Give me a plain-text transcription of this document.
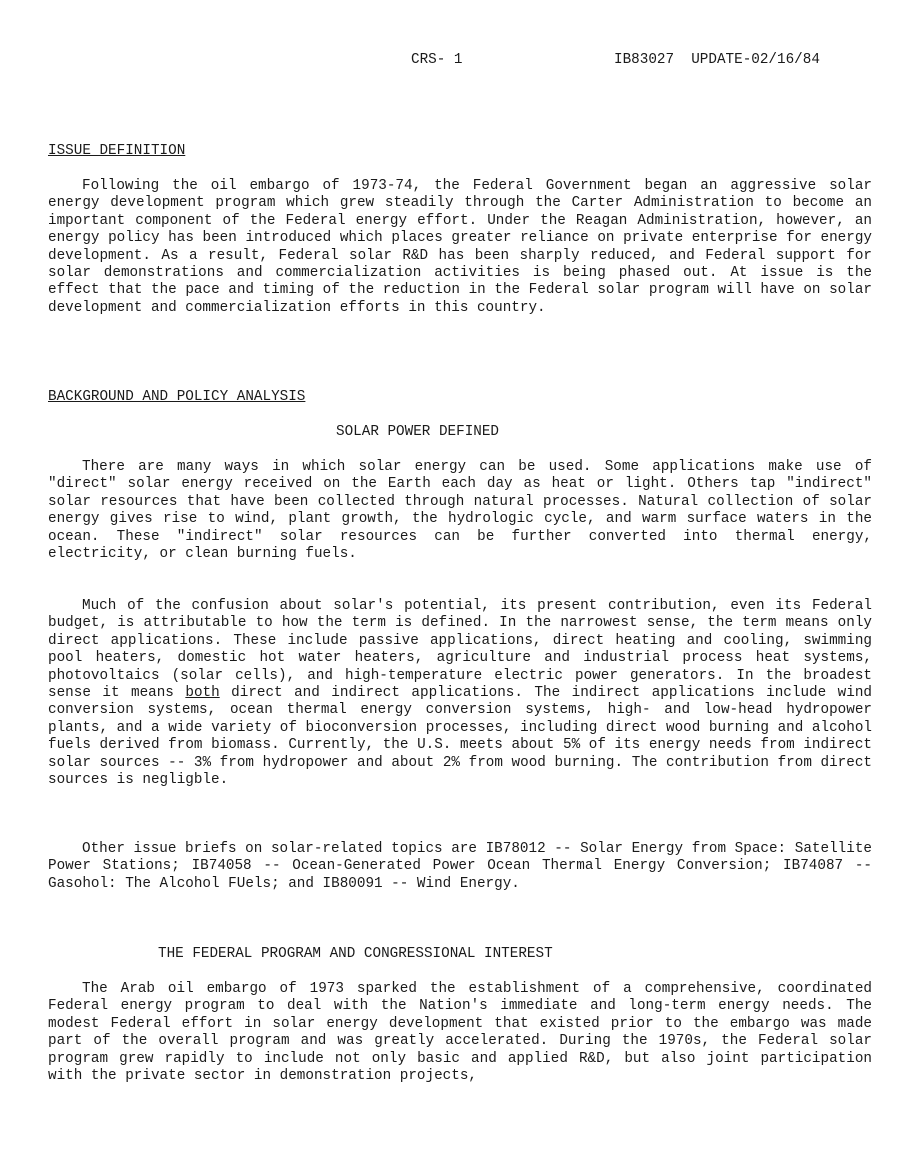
CRS- 1	IB83027  UPDATE-02/16/84
ISSUE DEFINITION

Following the oil embargo of 1973-74, the Federal Government began an aggressive solar energy development program which grew steadily through the Carter Administration to become an important component of the Federal energy effort. Under the Reagan Administration, however, an energy policy has been introduced which places greater reliance on private enterprise for energy development. As a result, Federal solar R&D has been sharply reduced, and Federal support for solar demonstrations and commercialization activities is being phased out. At issue is the effect that the pace and timing of the reduction in the Federal solar program will have on solar development and commercialization efforts in this country.

BACKGROUND AND POLICY ANALYSIS
SOLAR POWER DEFINED

There are many ways in which solar energy can be used. Some applications make use of "direct" solar energy received on the Earth each day as heat or light. Others tap "indirect" solar resources that have been collected through natural processes. Natural collection of solar energy gives rise to wind, plant growth, the hydrologic cycle, and warm surface waters in the ocean. These "indirect" solar resources can be further converted into thermal energy, electricity, or clean burning fuels.

Much of the confusion about solar's potential, its present contribution, even its Federal budget, is attributable to how the term is defined. In the narrowest sense, the term means only direct applications. These include passive applications, direct heating and cooling, swimming pool heaters, domestic hot water heaters, agriculture and industrial process heat systems, photovoltaics (solar cells), and high-temperature electric power generators. In the broadest sense it means both direct and indirect applications. The indirect applications include wind conversion systems, ocean thermal energy conversion systems, high- and low-head hydropower plants, and a wide variety of bioconversion processes, including direct wood burning and alcohol fuels derived from biomass. Currently, the U.S. meets about 5% of its energy needs from indirect solar sources -- 3% from hydropower and about 2% from wood burning. The contribution from direct sources is negligble.

Other issue briefs on solar-related topics are IB78012 -- Solar Energy from Space: Satellite Power Stations; IB74058 -- Ocean-Generated Power Ocean Thermal Energy Conversion; IB74087 -- Gasohol: The Alcohol FUels; and IB80091 -- Wind Energy.

THE FEDERAL PROGRAM AND CONGRESSIONAL INTEREST

The Arab oil embargo of 1973 sparked the establishment of a comprehensive, coordinated Federal energy program to deal with the Nation's immediate and long-term energy needs. The modest Federal effort in solar energy development that existed prior to the embargo was made part of the overall program and was greatly accelerated. During the 1970s, the Federal solar program grew rapidly to include not only basic and applied R&D, but also joint participation with the private sector in demonstration projects,
